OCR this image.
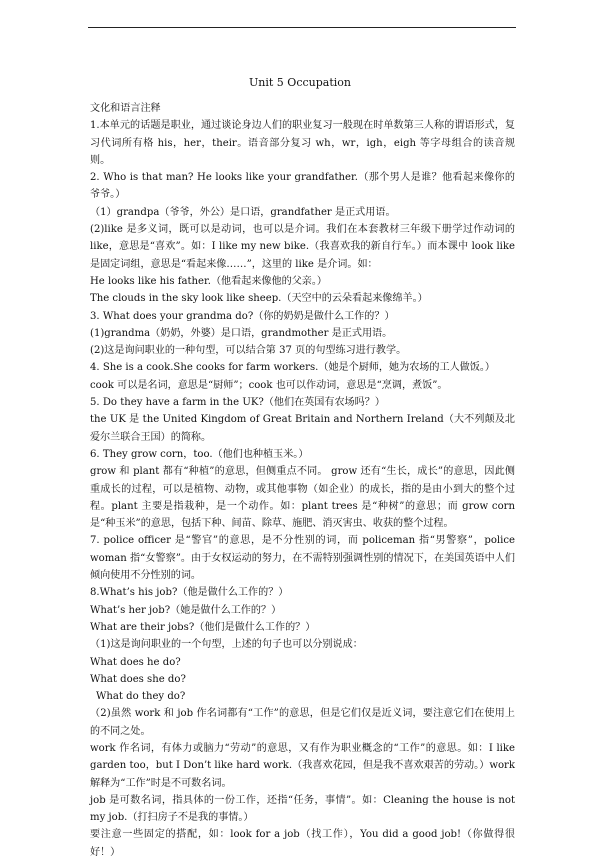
Unit 5 Occupation

文化和语言注释

1.本单元的话题是职业，通过谈论身边人们的职业复习一般现在时单数第三人称的谓语形式，复习代词所有格 his，her，their。语音部分复习 wh，wr，igh，eigh 等字母组合的读音规则。

2. Who is that man? He looks like your grandfather.（那个男人是谁？他看起来像你的爷爷。）

（1）grandpa（爷爷，外公）是口语，grandfather 是正式用语。

(2)like 是多义词，既可以是动词，也可以是介词。我们在本套教材三年级下册学过作动词的 like，意思是“喜欢”。如：I like my new bike.（我喜欢我的新自行车。）而本课中 look like 是固定词组，意思是“看起来像……”，这里的 like 是介词。如：

He looks like his father.（他看起来像他的父亲。）

The clouds in the sky look like sheep.（天空中的云朵看起来像绵羊。）

3. What does your grandma do?（你的奶奶是做什么工作的？）

(1)grandma（奶奶，外婆）是口语，grandmother 是正式用语。

(2)这是询问职业的一种句型，可以结合第 37 页的句型练习进行教学。

4. She is a cook.She cooks for farm workers.（她是个厨师，她为农场的工人做饭。）

cook 可以是名词，意思是“厨师”；cook 也可以作动词，意思是“烹调，煮饭”。

5. Do they have a farm in the UK?（他们在英国有农场吗？）

the UK 是 the United Kingdom of Great Britain and Northern Ireland（大不列颠及北爱尔兰联合王国）的简称。

6. They grow corn，too.（他们也种植玉米。）

grow 和 plant 都有“种植”的意思，但侧重点不同。 grow 还有“生长，成长”的意思，因此侧重成长的过程，可以是植物、动物，或其他事物（如企业）的成长，指的是由小到大的整个过程。plant 主要是指栽种，是一个动作。如：plant trees 是“种树”的意思；而 grow corn 是“种玉米”的意思，包括下种、间苗、除草、施肥、消灭害虫、收获的整个过程。

7. police officer 是“警官”的意思，是不分性别的词，而 policeman 指“男警察”，police woman 指“女警察”。由于女权运动的努力，在不需特别强调性别的情况下，在美国英语中人们倾向使用不分性别的词。

8.What’s his job?（他是做什么工作的？）

What’s her job?（她是做什么工作的？）

What are their jobs?（他们是做什么工作的？）

（1)这是询问职业的一个句型，上述的句子也可以分别说成：

What does he do?

What does she do?

What do they do?

（2)虽然 work 和 job 作名词都有“工作”的意思，但是它们仅是近义词，要注意它们在使用上的不同之处。

work 作名词，有体力或脑力“劳动”的意思，又有作为职业概念的“工作”的意思。如：I like garden too，but I Don’t like hard work.（我喜欢花园，但是我不喜欢艰苦的劳动。）work 解释为“工作”时是不可数名词。

job 是可数名词，指具体的一份工作，还指“任务，事情”。如：Cleaning the house is not my job.（打扫房子不是我的事情。）

要注意一些固定的搭配，如：look for a job（找工作），You did a good job!（你做得很好！）
